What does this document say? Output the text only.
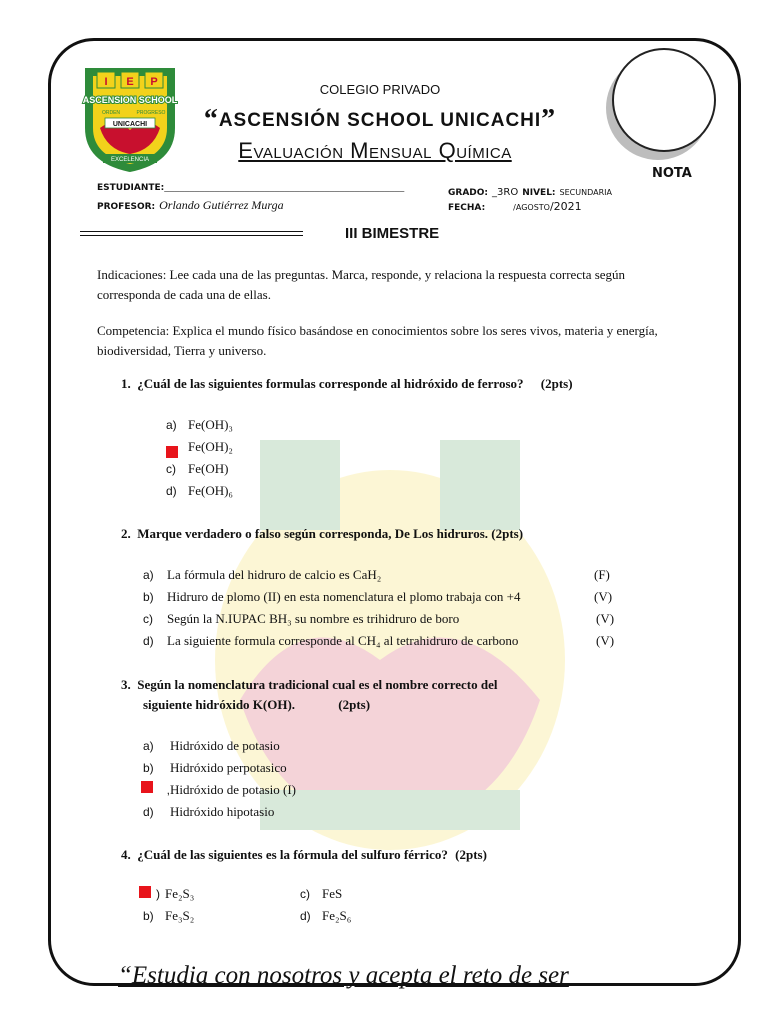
I E P
ASCENSION SCHOOL
ORDEN	PROGRESO
UNICACHI
EXCELENCIA
COLEGIO PRIVADO
“ASCENSIÓN SCHOOL UNICACHI”
Evaluación Mensual Química
NOTA
ESTUDIANTE:________________________________________________	GRADO: _3RO NIVEL: SECUNDARIA
PROFESOR: Orlando Gutiérrez Murga	FECHA:	/AGOSTO/2021
III BIMESTRE
Indicaciones: Lee cada una de las preguntas. Marca, responde, y relaciona la respuesta correcta según corresponda de cada una de ellas.
Competencia: Explica el mundo físico basándose en conocimientos sobre los seres vivos, materia y energía, biodiversidad, Tierra y universo.
1. ¿Cuál de las siguientes formulas corresponde al hidróxido de ferroso? (2pts)
a) Fe(OH)₃
Fe(OH)₂
c) Fe(OH)
d) Fe(OH)₆
2. Marque verdadero o falso según corresponda, De Los hidruros. (2pts)
a) La fórmula del hidruro de calcio es CaH₂	(F)
b) Hidruro de plomo (II) en esta nomenclatura el plomo trabaja con +4	(V)
c) Según la N.IUPAC BH₃ su nombre es trihidruro de boro	(V)
d) La siguiente formula corresponde al CH₄ al tetrahidruro de carbono	(V)
3. Según la nomenclatura tradicional cual es el nombre correcto del
siguiente hidróxido K(OH).	(2pts)
a) Hidróxido de potasio
b) Hidróxido perpotasico
,Hidróxido de potasio (I)
d) Hidróxido hipotasio
4. ¿Cuál de las siguientes es la fórmula del sulfuro férrico? (2pts)
) Fe₂S₃	c) FeS
b) Fe₃S₂	d) Fe₂S₆
“Estudia con nosotros y acepta el reto de ser
